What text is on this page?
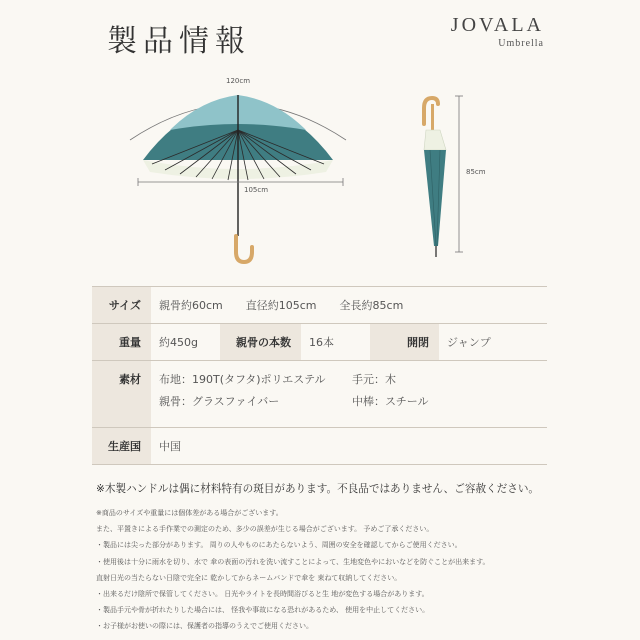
製品情報	JOVALA
Umbrella
120cm
105cm
85cm
サイズ	親骨約60cm 直径約105cm 全長約85cm				
重量	約450g	親骨の本数	16本	開閉	ジャンプ
素材	布地：190T(タフタ)ポリエステル 手元：木
親骨：グラスファイバー 中棒：スチール				

生産国	中国				
※木製ハンドルは偶に材料特有の斑目があります。不良品ではありません、ご容赦ください。
※商品のサイズや重量には個体差がある場合がございます。
また、平置きによる手作業での測定のため、多少の誤差が生じる場合がございます。 予めご了承ください。
・製品には尖った部分があります。 周りの人やものにあたらないよう、周囲の安全を確認してからご使用ください。
・使用後は十分に雨水を切り、水で 傘の表面の汚れを洗い流すことによって、生地変色やにおいなどを防ぐことが出来ます。
直射日光の当たらない日陰で完全に 乾かしてからネームバンドで傘を 束ねて収納してください。
・出来るだけ陰所で保管してください。 日光やライトを長時間浴びると生 地が変色する場合があります。
・製品手元や骨が折れたりした場合には、 怪我や事故になる恐れがあるため、 使用を中止してください。
・お子様がお使いの際には、保護者の指導のうえでご使用ください。
